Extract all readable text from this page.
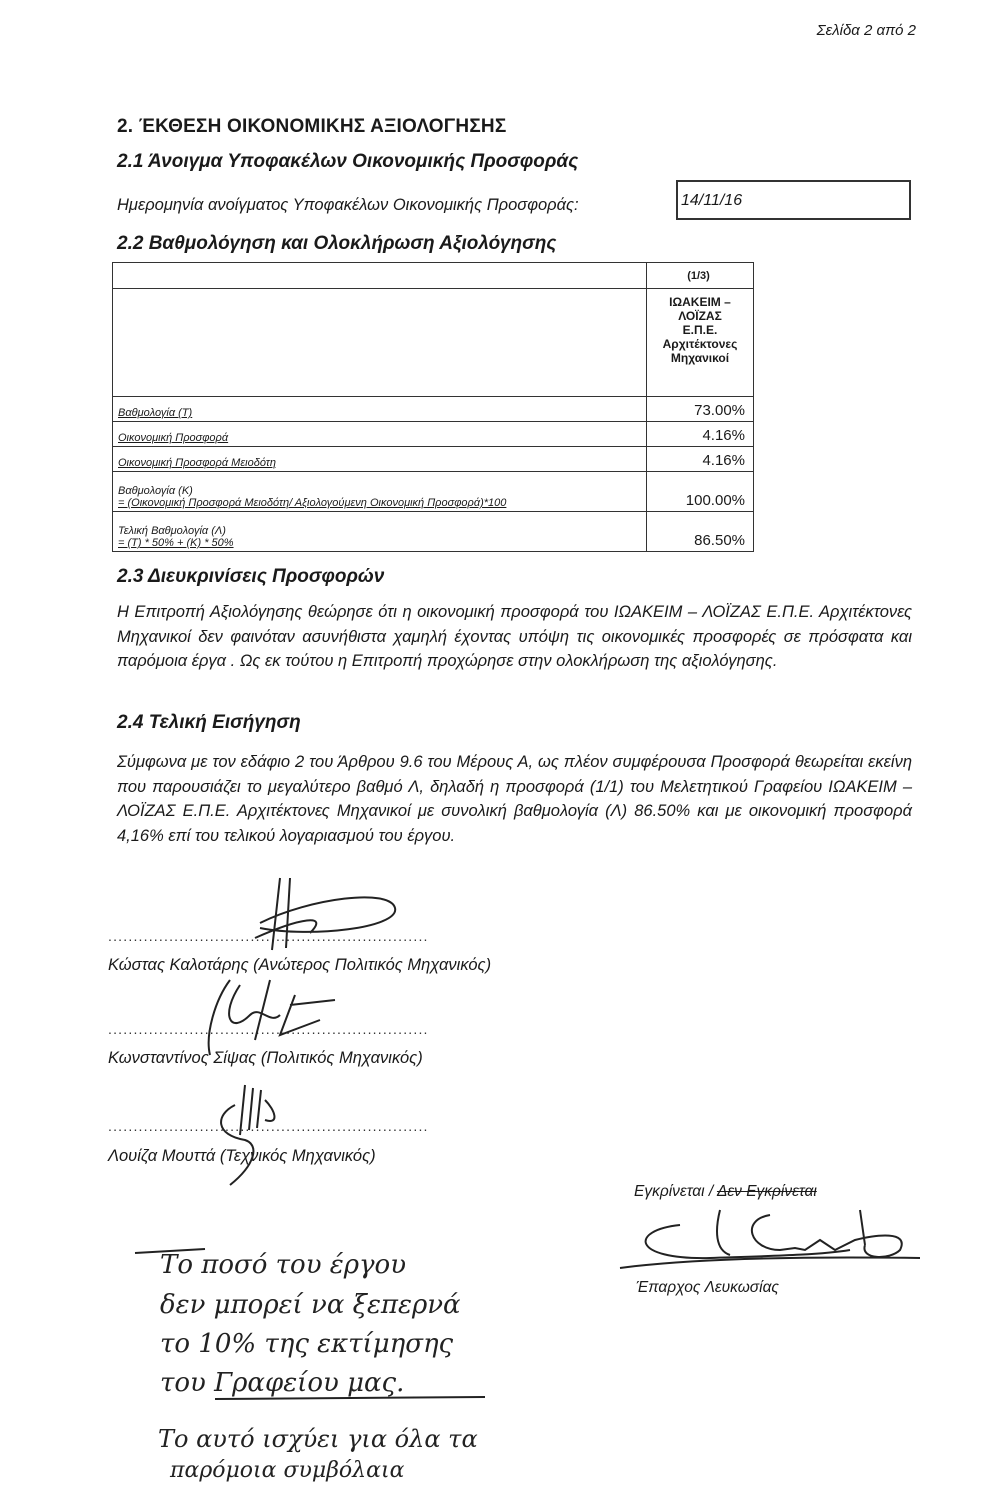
Σελίδα 2 από 2
2. ΈΚΘΕΣΗ ΟΙΚΟΝΟΜΙΚΗΣ ΑΞΙΟΛΟΓΗΣΗΣ
2.1 Άνοιγμα Υποφακέλων Οικονομικής Προσφοράς
Ημερομηνία ανοίγματος Υποφακέλων Οικονομικής Προσφοράς:	14/11/16
2.2 Βαθμολόγηση και Ολοκλήρωση Αξιολόγησης
	(1/3)

	ΙΩΑΚΕΙΜ –
ΛΟΪΖΑΣ
Ε.Π.Ε.
Αρχιτέκτονες
Μηχανικοί

Βαθμολογία (Τ)	73.00%
Οικονομική Προσφορά	4.16%
Οικονομική Προσφορά Μειοδότη	4.16%

Βαθμολογία (Κ)
= (Οικονομική Προσφορά Μειοδότη/ Αξιολογούμενη Οικονομική Προσφορά)*100	100.00%

Τελική Βαθμολογία (Λ)
= (Τ) * 50% + (Κ) * 50%	86.50%
2.3 Διευκρινίσεις Προσφορών
Η Επιτροπή Αξιολόγησης θεώρησε ότι η οικονομική προσφορά του ΙΩΑΚΕΙΜ – ΛΟΪΖΑΣ Ε.Π.Ε. Αρχιτέκτονες Μηχανικοί δεν φαινόταν ασυνήθιστα χαμηλή έχοντας υπόψη τις οικονομικές προσφορές σε πρόσφατα και παρόμοια έργα . Ως εκ τούτου η Επιτροπή προχώρησε στην ολοκλήρωση της αξιολόγησης.
2.4 Τελική Εισήγηση
Σύμφωνα με τον εδάφιο 2 του Άρθρου 9.6 του Μέρους Α, ως πλέον συμφέρουσα Προσφορά θεωρείται εκείνη που παρουσιάζει το μεγαλύτερο βαθμό Λ, δηλαδή η προσφορά (1/1) του Μελετητικού Γραφείου ΙΩΑΚΕΙΜ – ΛΟΪΖΑΣ Ε.Π.Ε. Αρχιτέκτονες Μηχανικοί με συνολική βαθμολογία (Λ) 86.50% και με οικονομική προσφορά 4,16% επί του τελικού λογαριασμού του έργου.
...............................................................
Κώστας Καλοτάρης (Ανώτερος Πολιτικός Μηχανικός)
...............................................................
Κωνσταντίνος Σίψας (Πολιτικός Μηχανικός)
...............................................................
Λουίζα Μουττά (Τεχνικός Μηχανικός)
Εγκρίνεται / Δεν Εγκρίνεται
Έπαρχος Λευκωσίας
Το ποσό του έργου
δεν μπορεί να ξεπερνά
το 10% της εκτίμησης
του Γραφείου μας.
Το αυτό ισχύει για όλα τα
παρόμοια συμβόλαια
